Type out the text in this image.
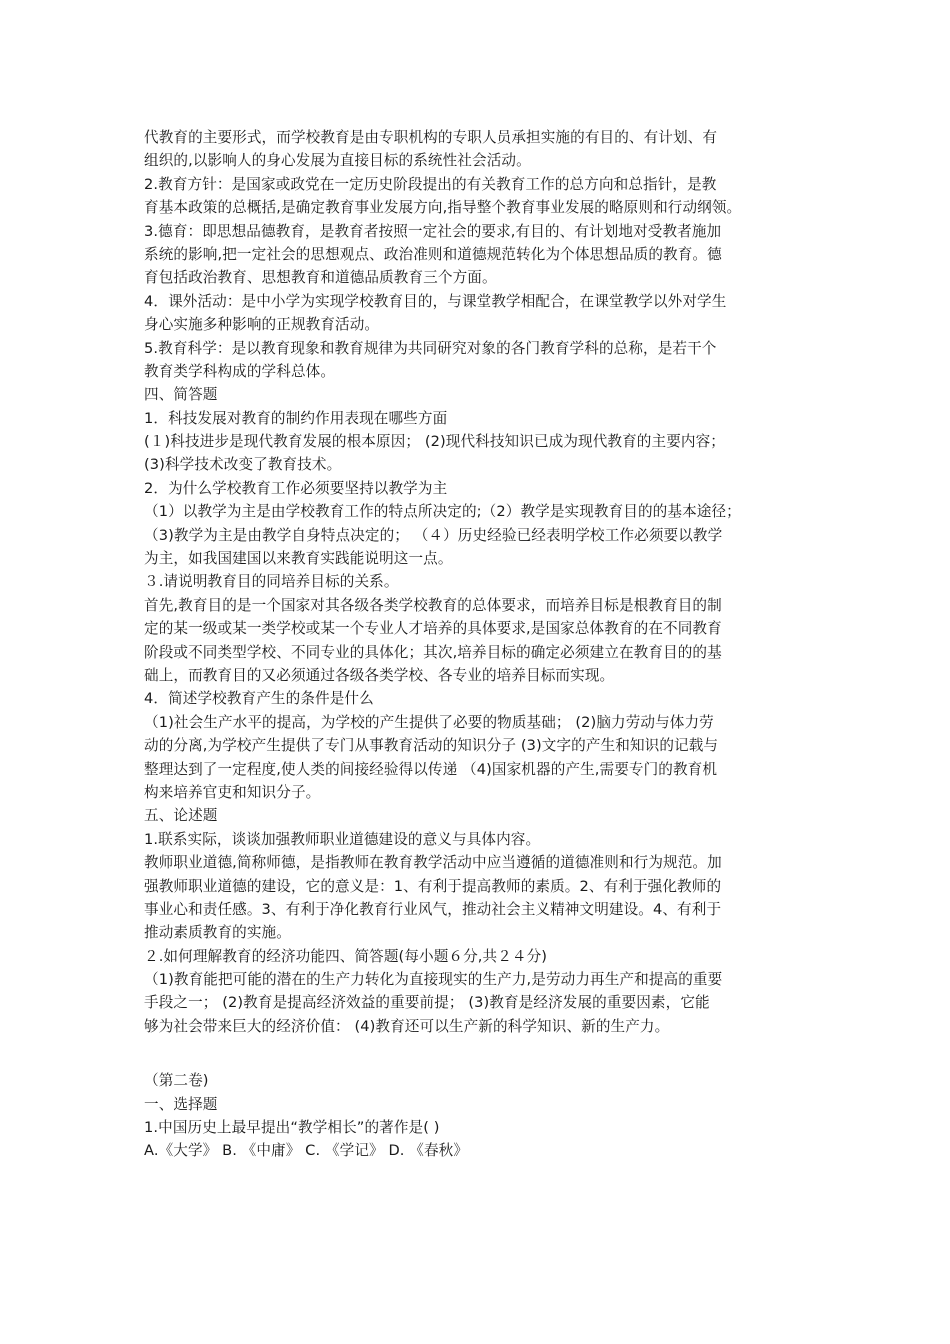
代教育的主要形式，而学校教育是由专职机构的专职人员承担实施的有目的、有计划、有
组织的,以影响人的身心发展为直接目标的系统性社会活动。
2.教育方针：是国家或政党在一定历史阶段提出的有关教育工作的总方向和总指针，是教
育基本政策的总概括,是确定教育事业发展方向,指导整个教育事业发展的略原则和行动纲领。
3.德育：即思想品德教育，是教育者按照一定社会的要求,有目的、有计划地对受教者施加
系统的影响,把一定社会的思想观点、政治准则和道德规范转化为个体思想品质的教育。德
育包括政治教育、思想教育和道德品质教育三个方面。
4．课外活动：是中小学为实现学校教育目的，与课堂教学相配合，在课堂教学以外对学生
身心实施多种影响的正规教育活动。
5.教育科学：是以教育现象和教育规律为共同研究对象的各门教育学科的总称，是若干个
教育类学科构成的学科总体。
四、简答题
1．科技发展对教育的制约作用表现在哪些方面
(１)科技进步是现代教育发展的根本原因； (2)现代科技知识已成为现代教育的主要内容；
(3)科学技术改变了教育技术。
2．为什么学校教育工作必须要坚持以教学为主
（1）以教学为主是由学校教育工作的特点所决定的;（2）教学是实现教育目的的基本途径；
（3)教学为主是由教学自身特点决定的； （４）历史经验已经表明学校工作必须要以教学
为主，如我国建国以来教育实践能说明这一点。
３.请说明教育目的同培养目标的关系。
首先,教育目的是一个国家对其各级各类学校教育的总体要求，而培养目标是根教育目的制
定的某一级或某一类学校或某一个专业人才培养的具体要求,是国家总体教育的在不同教育
阶段或不同类型学校、不同专业的具体化；其次,培养目标的确定必须建立在教育目的的基
础上，而教育目的又必须通过各级各类学校、各专业的培养目标而实现。
4．简述学校教育产生的条件是什么
（1)社会生产水平的提高，为学校的产生提供了必要的物质基础； (2)脑力劳动与体力劳
动的分离,为学校产生提供了专门从事教育活动的知识分子 (3)文字的产生和知识的记载与
整理达到了一定程度,使人类的间接经验得以传递 （4)国家机器的产生,需要专门的教育机
构来培养官吏和知识分子。
五、论述题
1.联系实际，谈谈加强教师职业道德建设的意义与具体内容。
教师职业道德,简称师德，是指教师在教育教学活动中应当遵循的道德准则和行为规范。加
强教师职业道德的建设，它的意义是：1、有利于提高教师的素质。2、有利于强化教师的
事业心和责任感。3、有利于净化教育行业风气，推动社会主义精神文明建设。4、有利于
推动素质教育的实施。
２.如何理解教育的经济功能四、简答题(每小题６分,共２４分)
（1)教育能把可能的潜在的生产力转化为直接现实的生产力,是劳动力再生产和提高的重要
手段之一； (2)教育是提高经济效益的重要前提； (3)教育是经济发展的重要因素，它能
够为社会带来巨大的经济价值： (4)教育还可以生产新的科学知识、新的生产力。
（第二卷)
一、选择题
1.中国历史上最早提出“教学相长”的著作是( )
A.《大学》 B. 《中庸》 C. 《学记》 D. 《春秋》
